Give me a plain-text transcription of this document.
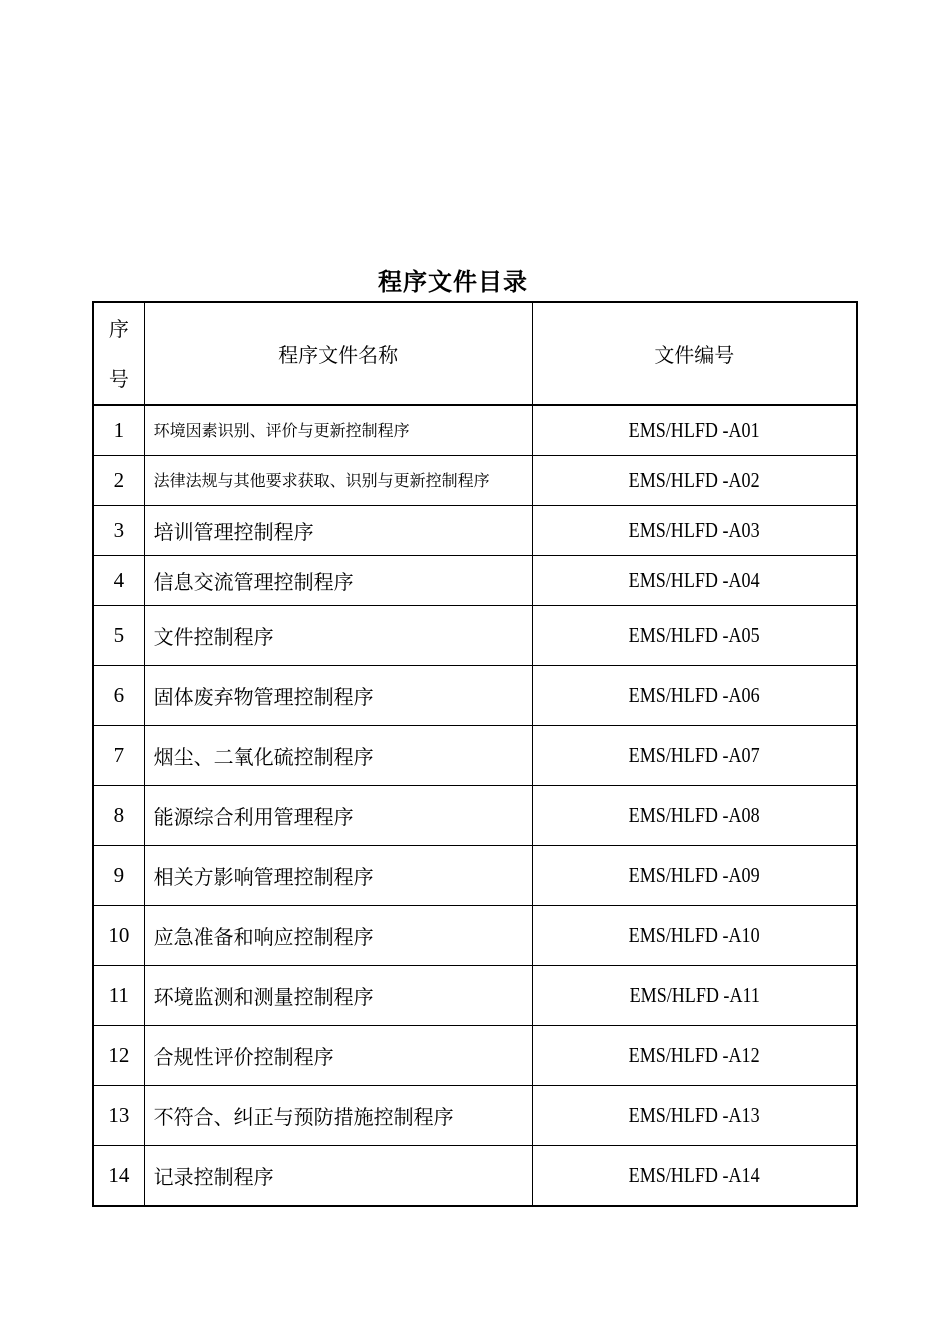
程序文件目录
序
号	程序文件名称	文件编号
1	环境因素识别、评价与更新控制程序	EMS/HLFD -A01
2	法律法规与其他要求获取、识别与更新控制程序	EMS/HLFD -A02
3	培训管理控制程序	EMS/HLFD -A03
4	信息交流管理控制程序	EMS/HLFD -A04
5	文件控制程序	EMS/HLFD -A05
6	固体废弃物管理控制程序	EMS/HLFD -A06
7	烟尘、二氧化硫控制程序	EMS/HLFD -A07
8	能源综合利用管理程序	EMS/HLFD -A08
9	相关方影响管理控制程序	EMS/HLFD -A09
10	应急准备和响应控制程序	EMS/HLFD -A10
11	环境监测和测量控制程序	EMS/HLFD -A11
12	合规性评价控制程序	EMS/HLFD -A12
13	不符合、纠正与预防措施控制程序	EMS/HLFD -A13
14	记录控制程序	EMS/HLFD -A14
